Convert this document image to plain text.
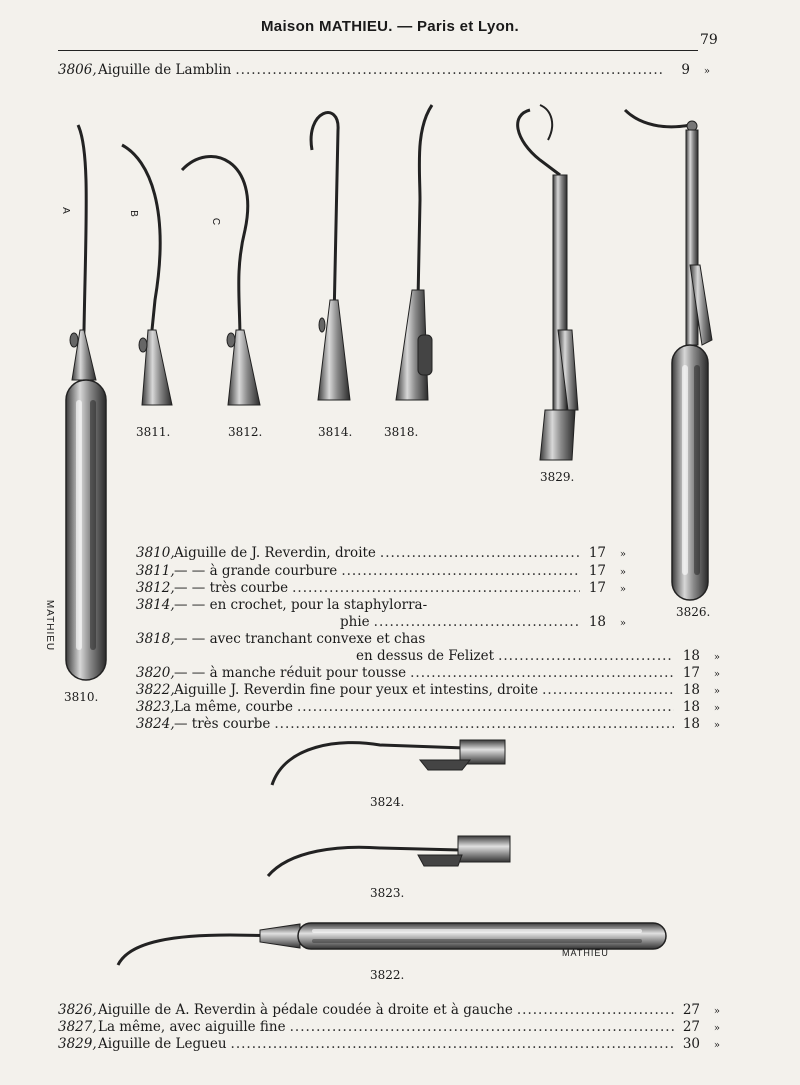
Maison MATHIEU. — Paris et Lyon.
79
3806, Aiguille de Lamblin .....	9	»
A	B
C
MATHIEU
MATHIEU
3810.
3811.	3812.	3814.	3818.
3829.
3826.
3824.
3823.
3822.
3810, Aiguille de J. Reverdin, droite .....	17	»
3811, — — à grande courbure .....	17	»
3812, — — très courbe .....	17	»
3814, — — en crochet, pour la staphylorra-
phie .....	18	»
3818, — — avec tranchant convexe et chas
en dessus de Felizet .....	18	»
3820, — — à manche réduit pour tousse .....	17	»
3822, Aiguille J. Reverdin fine pour yeux et intestins, droite .....	18	»
3823, La même, courbe .....	18	»
3824, — très courbe .....	18	»
3826, Aiguille de A. Reverdin à pédale coudée à droite et à gauche .....	27	»
3827, La même, avec aiguille fine .....	27	»
3829, Aiguille de Legueu .....	30	»
